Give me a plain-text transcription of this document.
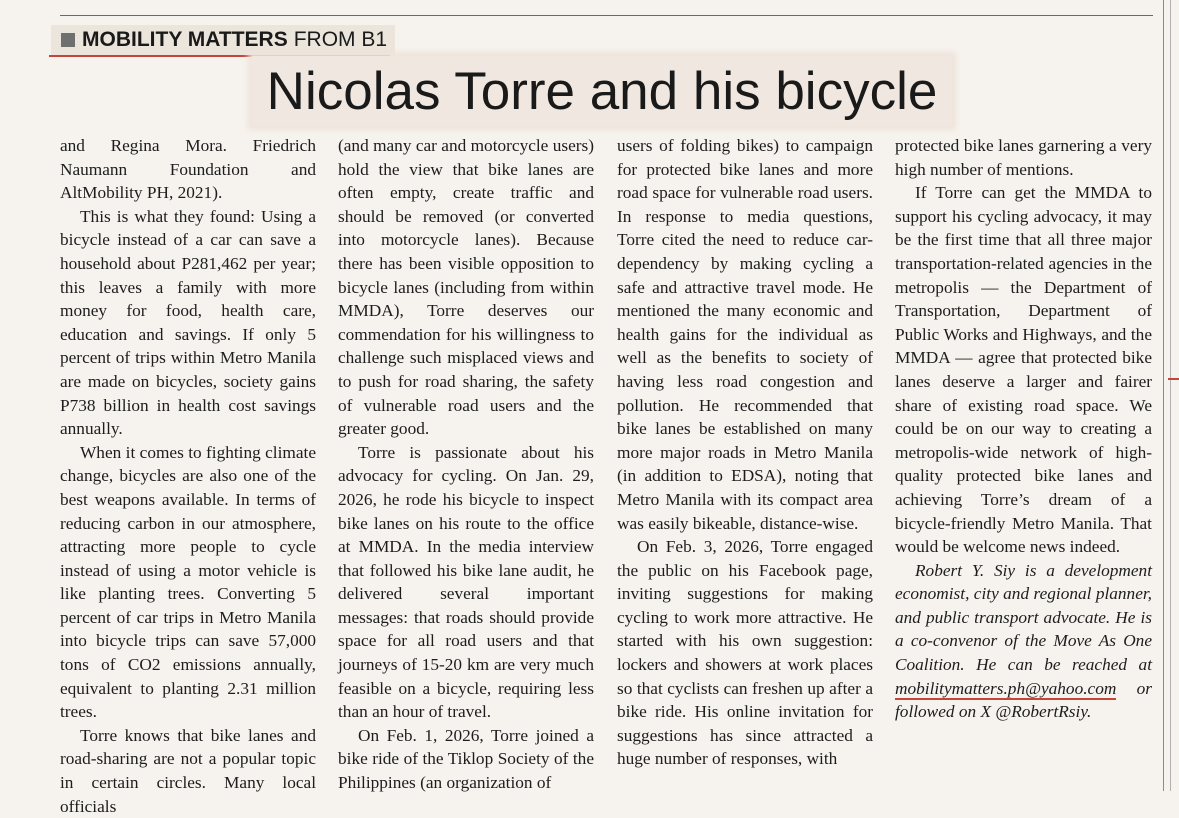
MOBILITY MATTERS FROM B1
Nicolas Torre and his bicycle

and Regina Mora. Friedrich Naumann Foundation and AltMobility PH, 2021).

This is what they found: Using a bicycle instead of a car can save a household about P281,462 per year; this leaves a family with more money for food, health care, education and savings. If only 5 percent of trips within Metro Manila are made on bicycles, society gains P738 billion in health cost savings annually.

When it comes to fighting climate change, bicycles are also one of the best weapons available. In terms of reducing carbon in our atmosphere, attracting more people to cycle instead of using a motor vehicle is like planting trees. Converting 5 percent of car trips in Metro Manila into bicycle trips can save 57,000 tons of CO2 emissions annually, equivalent to planting 2.31 million trees.

Torre knows that bike lanes and road-sharing are not a popular topic in certain circles. Many local officials

(and many car and motorcycle users) hold the view that bike lanes are often empty, create traffic and should be removed (or converted into motorcycle lanes). Because there has been visible opposition to bicycle lanes (including from within MMDA), Torre deserves our commendation for his willingness to challenge such misplaced views and to push for road sharing, the safety of vulnerable road users and the greater good.

Torre is passionate about his advocacy for cycling. On Jan. 29, 2026, he rode his bicycle to inspect bike lanes on his route to the office at MMDA. In the media interview that followed his bike lane audit, he delivered several important messages: that roads should provide space for all road users and that journeys of 15-20 km are very much feasible on a bicycle, requiring less than an hour of travel.

On Feb. 1, 2026, Torre joined a bike ride of the Tiklop Society of the Philippines (an organization of

users of folding bikes) to campaign for protected bike lanes and more road space for vulnerable road users. In response to media questions, Torre cited the need to reduce car-dependency by making cycling a safe and attractive travel mode. He mentioned the many economic and health gains for the individual as well as the benefits to society of having less road congestion and pollution. He recommended that bike lanes be established on many more major roads in Metro Manila (in addition to EDSA), noting that Metro Manila with its compact area was easily bikeable, distance-wise.

On Feb. 3, 2026, Torre engaged the public on his Facebook page, inviting suggestions for making cycling to work more attractive. He started with his own suggestion: lockers and showers at work places so that cyclists can freshen up after a bike ride. His online invitation for suggestions has since attracted a huge number of responses, with

protected bike lanes garnering a very high number of mentions.

If Torre can get the MMDA to support his cycling advocacy, it may be the first time that all three major transportation-related agencies in the metropolis — the Department of Transportation, Department of Public Works and Highways, and the MMDA — agree that protected bike lanes deserve a larger and fairer share of existing road space. We could be on our way to creating a metropolis-wide network of high-quality protected bike lanes and achieving Torre’s dream of a bicycle-friendly Metro Manila. That would be welcome news indeed.

Robert Y. Siy is a development economist, city and regional planner, and public transport advocate. He is a co-convenor of the Move As One Coalition. He can be reached at mobilitymatters.ph@yahoo.com or followed on X @RobertRsiy.
